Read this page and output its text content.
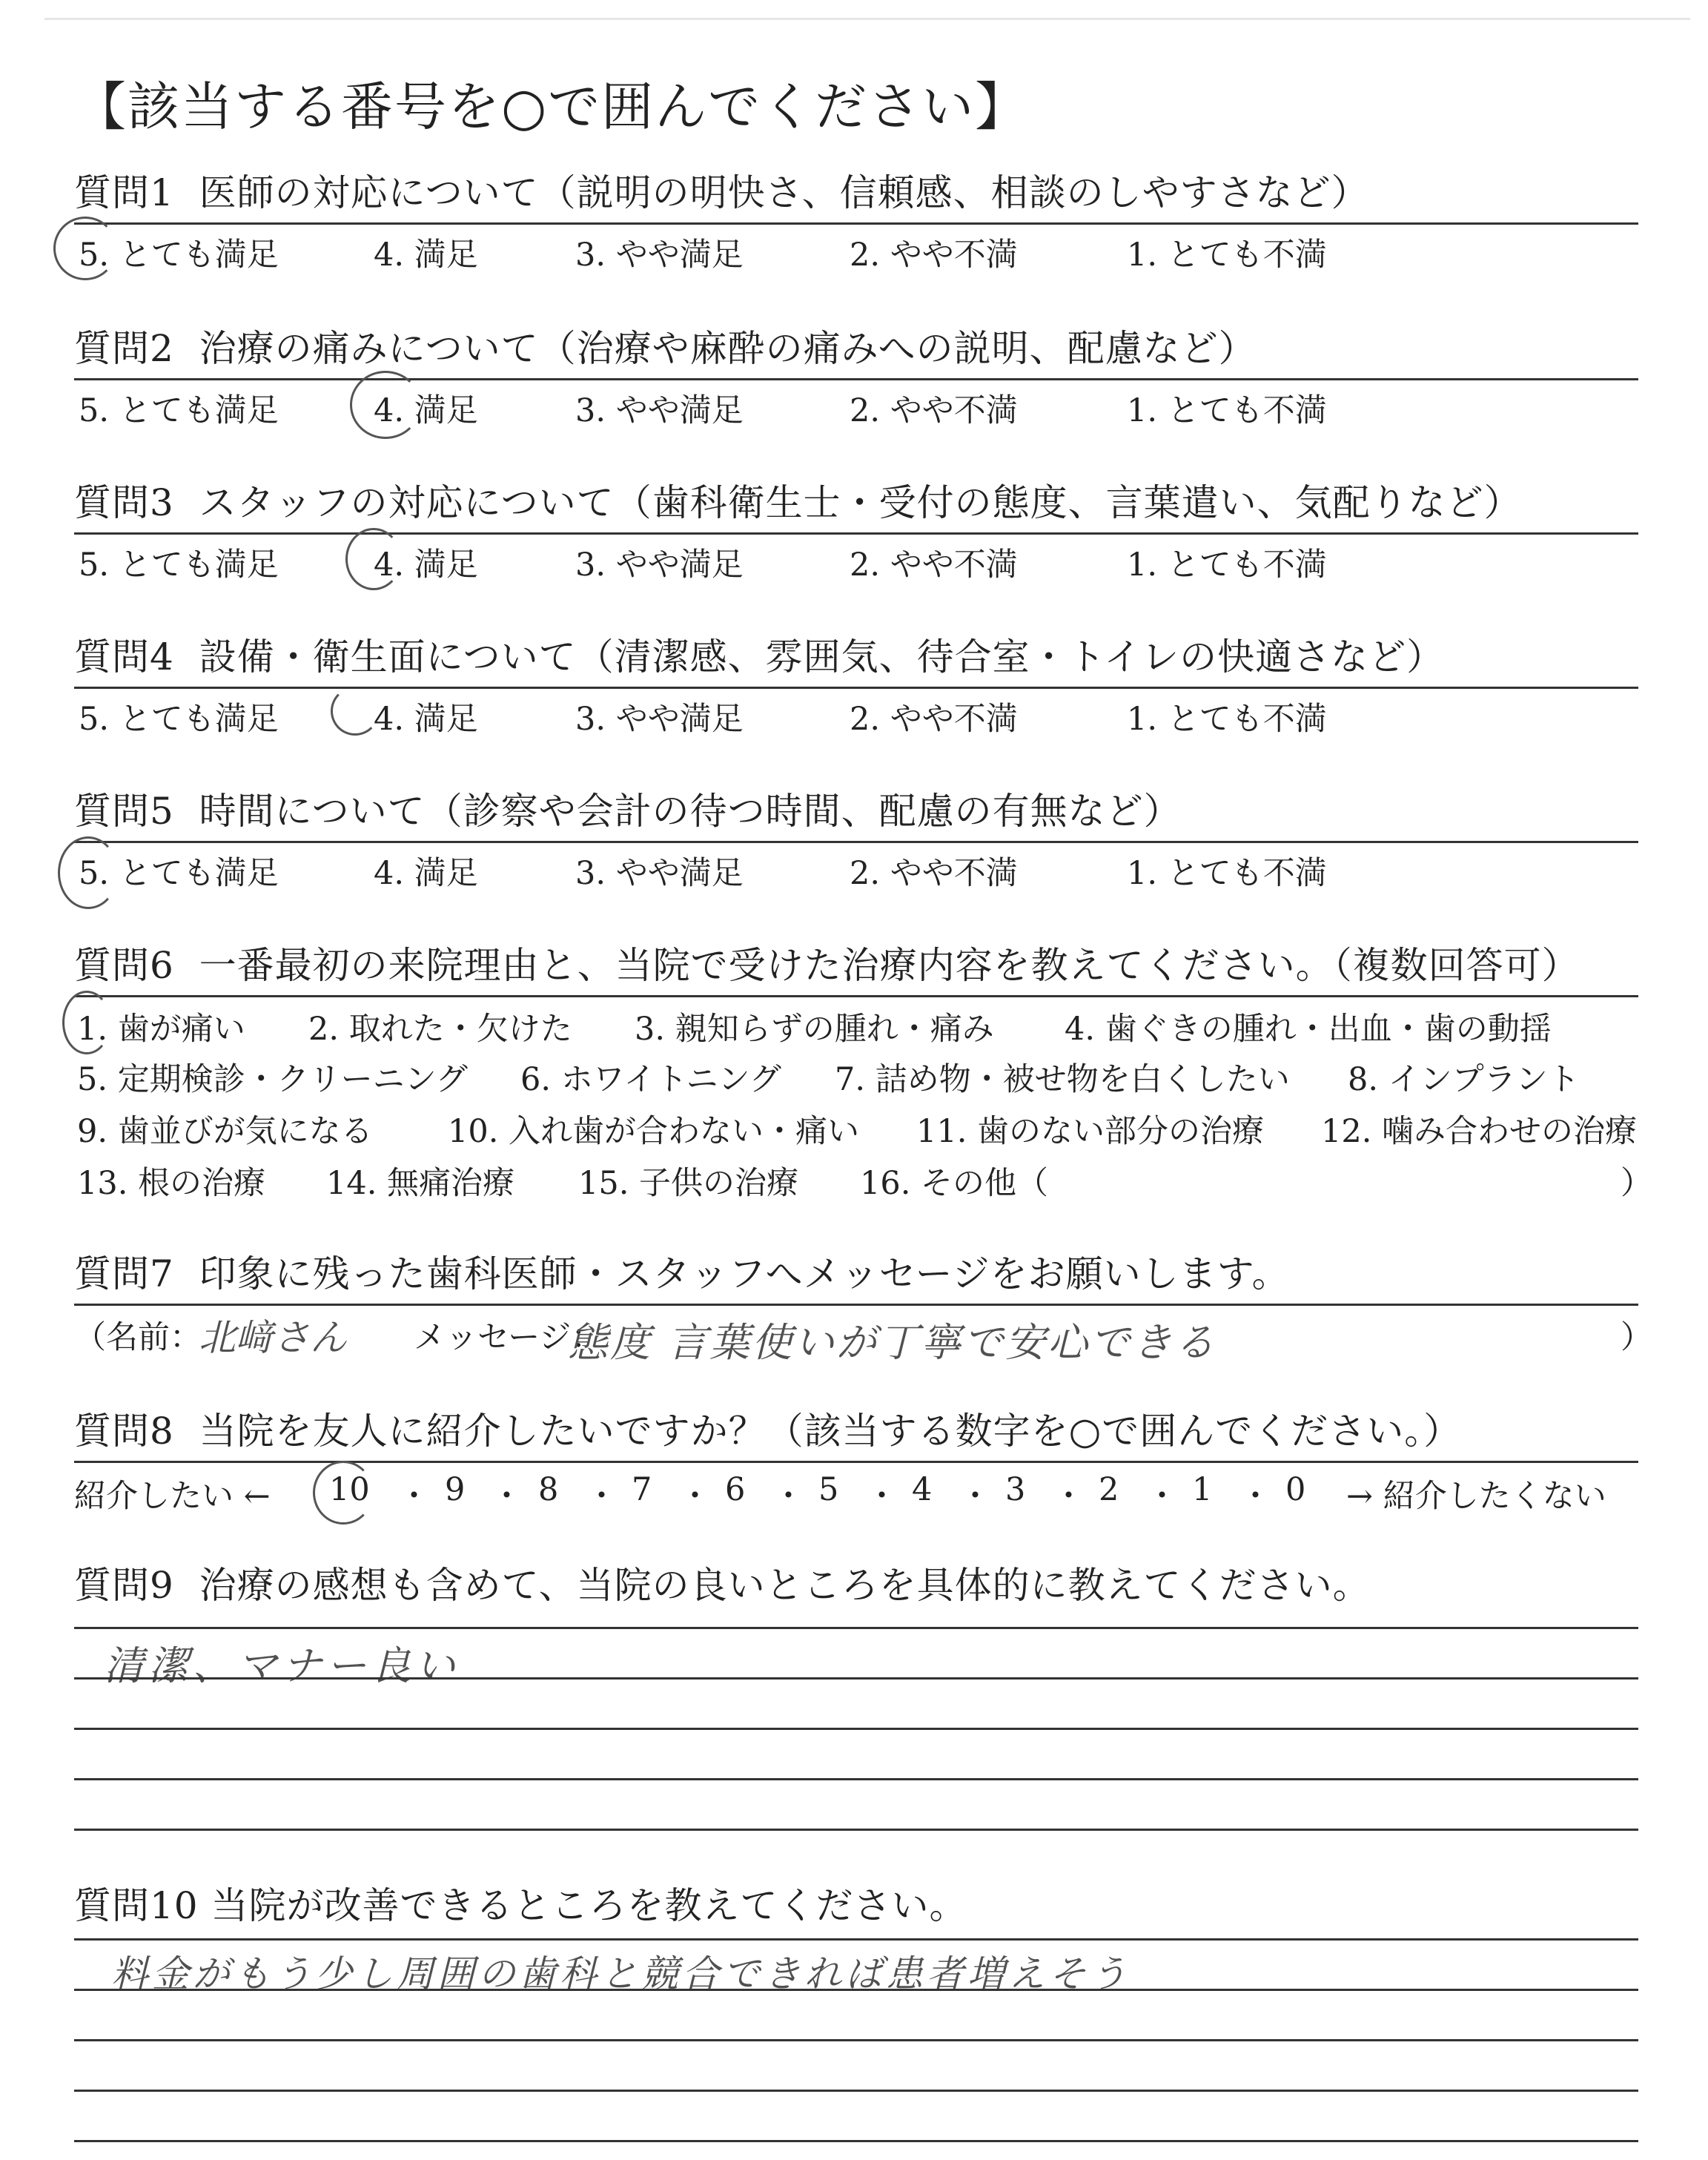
【該当する番号を○で囲んでください】
質問1 医師の対応について（説明の明快さ、信頼感、相談のしやすさなど）
5. とても満足	4. 満足	3. やや満足	2. やや不満	1. とても不満
質問2 治療の痛みについて（治療や麻酔の痛みへの説明、配慮など）
5. とても満足	4. 満足	3. やや満足	2. やや不満	1. とても不満
質問3 スタッフの対応について（歯科衛生士・受付の態度、言葉遣い、気配りなど）
5. とても満足	4. 満足	3. やや満足	2. やや不満	1. とても不満
質問4 設備・衛生面について（清潔感、雰囲気、待合室・トイレの快適さなど）
5. とても満足	4. 満足	3. やや満足	2. やや不満	1. とても不満
質問5 時間について（診察や会計の待つ時間、配慮の有無など）
5. とても満足	4. 満足	3. やや満足	2. やや不満	1. とても不満
質問6 一番最初の来院理由と、当院で受けた治療内容を教えてください。（複数回答可）
1. 歯が痛い 2. 取れた・欠けた 3. 親知らずの腫れ・痛み 4. 歯ぐきの腫れ・出血・歯の動揺
5. 定期検診・クリーニング 6. ホワイトニング 7. 詰め物・被せ物を白くしたい 8. インプラント
9. 歯並びが気になる 10. 入れ歯が合わない・痛い 11. 歯のない部分の治療 12. 噛み合わせの治療
13. 根の治療 14. 無痛治療 15. 子供の治療 16. その他（	）
質問7 印象に残った歯科医師・スタッフへメッセージをお願いします。
（名前：
北﨑さん メッセージ：
態度 言葉使いが丁寧で安心できる	）
質問8 当院を友人に紹介したいですか？（該当する数字を○で囲んでください。）
紹介したい ← 10 ・ 9 ・ 8 ・ 7 ・ 6 ・ 5 ・ 4 ・ 3 ・ 2 ・ 1 ・ 0 → 紹介したくない
質問9 治療の感想も含めて、当院の良いところを具体的に教えてください。
清潔、マナー良い
質問10 当院が改善できるところを教えてください。
料金がもう少し周囲の歯科と競合できれば患者増えそう
